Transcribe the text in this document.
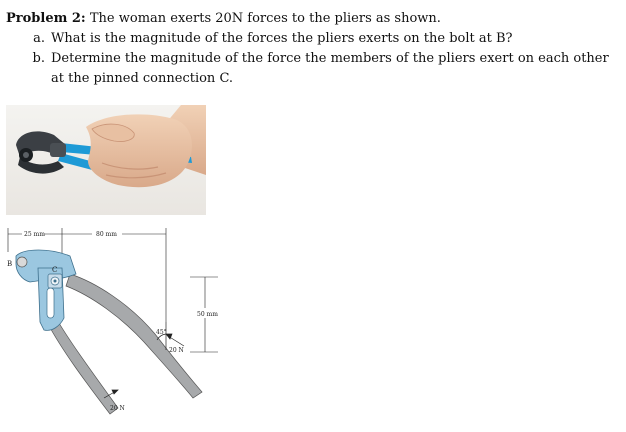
Problem 2: The woman exerts 20N forces to the pliers as shown.
a. What is the magnitude of the forces the pliers exerts on the bolt at B?
b. Determine the magnitude of the force the members of the pliers exert on each other at the pinned connection C.
25 mm	80 mm
50 mm
B
C
45°
20 N
20 N
